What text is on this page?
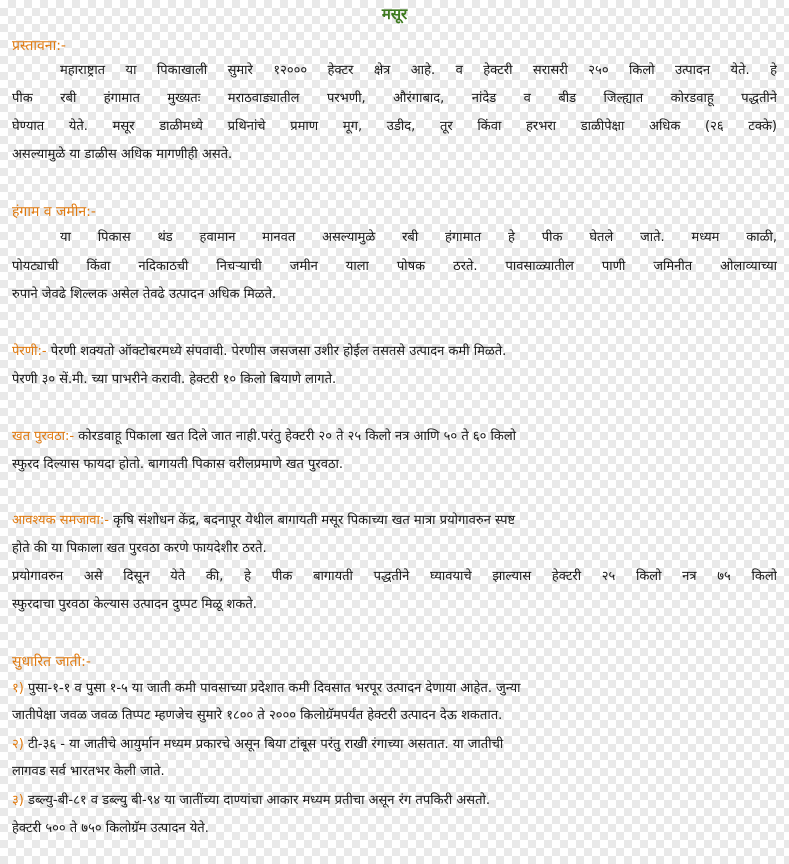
मसूर
प्रस्तावना:-
महाराष्ट्रात या पिकाखाली सुमारे १२००० हेक्टर क्षेत्र आहे. व हेक्टरी सरासरी २५० किलो उत्पादन येते. हे
पीक रबी हंगामात मुख्यतः मराठवाड्यातील परभणी, औरंगाबाद, नांदेड व बीड जिल्ह्यात कोरडवाहू पद्धतीने
घेण्यात येते. मसूर डाळीमध्ये प्रथिनांचे प्रमाण मूग, उडीद, तूर किंवा हरभरा डाळीपेक्षा अधिक (२६ टक्के)
असल्यामुळे या डाळीस अधिक मागणीही असते.
हंगाम व जमीन:-
या पिकास थंड हवामान मानवत असल्यामुळे रबी हंगामात हे पीक घेतले जाते. मध्यम काळी,
पोयट्याची किंवा नदिकाठची निचऱ्याची जमीन याला पोषक ठरते. पावसाळ्यातील पाणी जमिनीत ओलाव्याच्या
रुपाने जेवढे शिल्लक असेल तेवढे उत्पादन अधिक मिळते.
पेरणी:- पेरणी शक्यतो ऑक्टोबरमध्ये संपवावी. पेरणीस जसजसा उशीर होईल तसतसे उत्पादन कमी मिळते.
पेरणी ३० सें.मी. च्या पाभरीने करावी. हेक्टरी १० किलो बियाणे लागते.
खत पुरवठा:- कोरडवाहू पिकाला खत दिले जात नाही.परंतु हेक्टरी २० ते २५ किलो नत्र आणि ५० ते ६० किलो
स्फुरद दिल्यास फायदा होतो. बागायती पिकास वरीलप्रमाणे खत पुरवठा.
आवश्यक समजावा:- कृषि संशोधन केंद्र, बदनापूर येथील बागायती मसूर पिकाच्या खत मात्रा प्रयोगावरुन स्पष्ट
होते की या पिकाला खत पुरवठा करणे फायदेशीर ठरते.
प्रयोगावरुन असे दिसून येते की, हे पीक बागायती पद्धतीने घ्यावयाचे झाल्यास हेक्टरी २५ किलो नत्र ७५ किलो
स्फुरदाचा पुरवठा केल्यास उत्पादन दुप्पट मिळू शकते.
सुधारित जाती:-
१) पुसा-१-१ व पुसा १-५ या जाती कमी पावसाच्या प्रदेशात कमी दिवसात भरपूर उत्पादन देणाया आहेत. जुन्या
जातीपेक्षा जवळ जवळ तिप्पट म्हणजेच सुमारे १८०० ते २००० किलोग्रॅमपर्यंत हेक्टरी उत्पादन देऊ शकतात.
२) टी-३६ - या जातीचे आयुर्मान मध्यम प्रकारचे असून बिया टांबूस परंतु राखी रंगाच्या असतात. या जातीची
लागवड सर्व भारतभर केली जाते.
३) डब्ल्यु-बी-८१ व डब्ल्यु बी-९४ या जातींच्या दाण्यांचा आकार मध्यम प्रतीचा असून रंग तपकिरी असतो.
हेक्टरी ५०० ते ७५० किलोग्रॅम उत्पादन येते.
